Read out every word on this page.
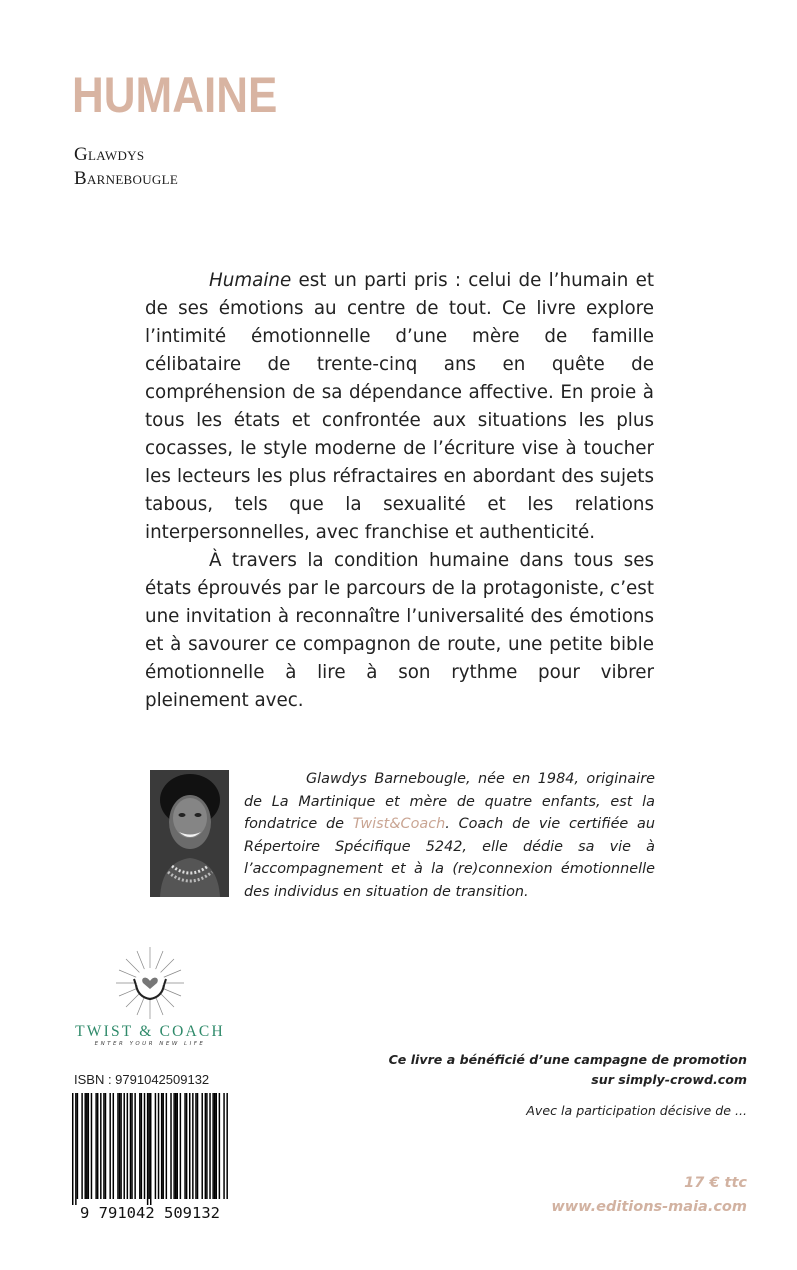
HUMAINE
Glawdys
Barnebougle

Humaine est un parti pris : celui de l’humain et de ses émotions au centre de tout. Ce livre explore l’intimité émotionnelle d’une mère de famille célibataire de trente-cinq ans en quête de compréhension de sa dépendance affective. En proie à tous les états et confrontée aux situations les plus cocasses, le style moderne de l’écriture vise à toucher les lecteurs les plus réfractaires en abordant des sujets tabous, tels que la sexualité et les relations interpersonnelles, avec franchise et authenticité.

À travers la condition humaine dans tous ses états éprouvés par le parcours de la protagoniste, c’est une invitation à reconnaître l’universalité des émotions et à savourer ce compagnon de route, une petite bible émotionnelle à lire à son rythme pour vibrer pleinement avec.

Glawdys Barnebougle, née en 1984, originaire de La Martinique et mère de quatre enfants, est la fondatrice de Twist&Coach. Coach de vie certifiée au Répertoire Spécifique 5242, elle dédie sa vie à l’accompagnement et à la (re)connexion émotionnelle des individus en situation de transition.

TWIST & COACH
ENTER YOUR NEW LIFE
ISBN : 9791042509132
9 791042 509132
Ce livre a bénéficié d’une campagne de promotion
sur simply-crowd.com
Avec la participation décisive de ...
17 € ttc
www.editions-maia.com
